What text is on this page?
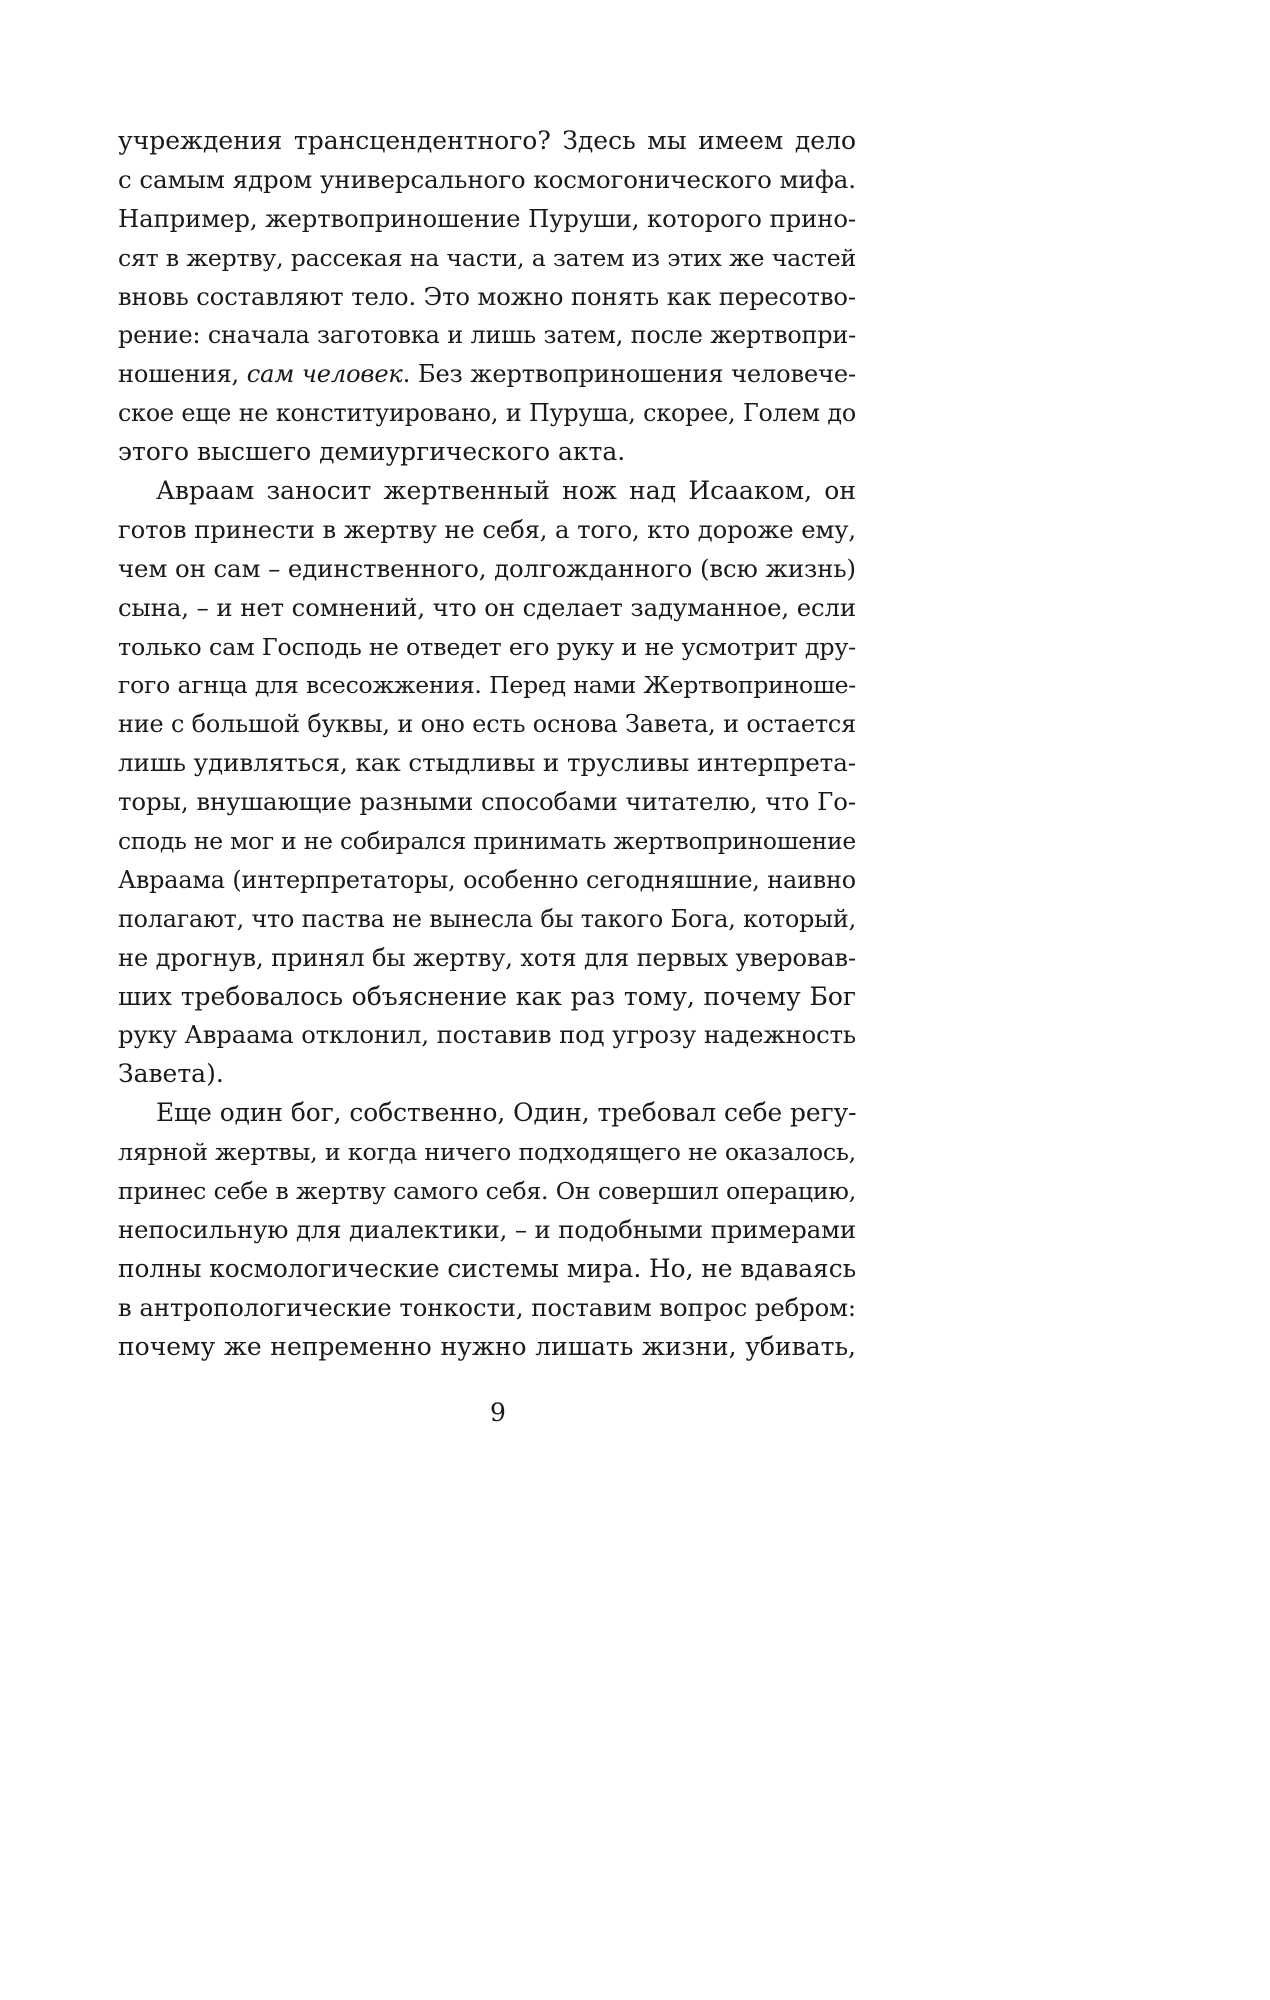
учреждения трансцендентного? Здесь мы имеем дело
с самым ядром универсального космогонического мифа.
Например, жертвоприношение Пуруши, которого прино-
сят в жертву, рассекая на части, а затем из этих же частей
вновь составляют тело. Это можно понять как пересотво-
рение: сначала заготовка и лишь затем, после жертвопри-
ношения, сам человек. Без жертвоприношения человече-
ское еще не конституировано, и Пуруша, скорее, Голем до
этого высшего демиургического акта.
Авраам заносит жертвенный нож над Исааком, он
готов принести в жертву не себя, а того, кто дороже ему,
чем он сам – единственного, долгожданного (всю жизнь)
сына, – и нет сомнений, что он сделает задуманное, если
только сам Господь не отведет его руку и не усмотрит дру-
гого агнца для всесожжения. Перед нами Жертвоприноше-
ние с большой буквы, и оно есть основа Завета, и остается
лишь удивляться, как стыдливы и трусливы интерпрета-
торы, внушающие разными способами читателю, что Го-
сподь не мог и не собирался принимать жертвоприношение
Авраама (интерпретаторы, особенно сегодняшние, наивно
полагают, что паства не вынесла бы такого Бога, который,
не дрогнув, принял бы жертву, хотя для первых уверовав-
ших требовалось объяснение как раз тому, почему Бог
руку Авраама отклонил, поставив под угрозу надежность
Завета).
Еще один бог, собственно, Один, требовал себе регу-
лярной жертвы, и когда ничего подходящего не оказалось,
принес себе в жертву самого себя. Он совершил операцию,
непосильную для диалектики, – и подобными примерами
полны космологические системы мира. Но, не вдаваясь
в антропологические тонкости, поставим вопрос ребром:
почему же непременно нужно лишать жизни, убивать,
9
